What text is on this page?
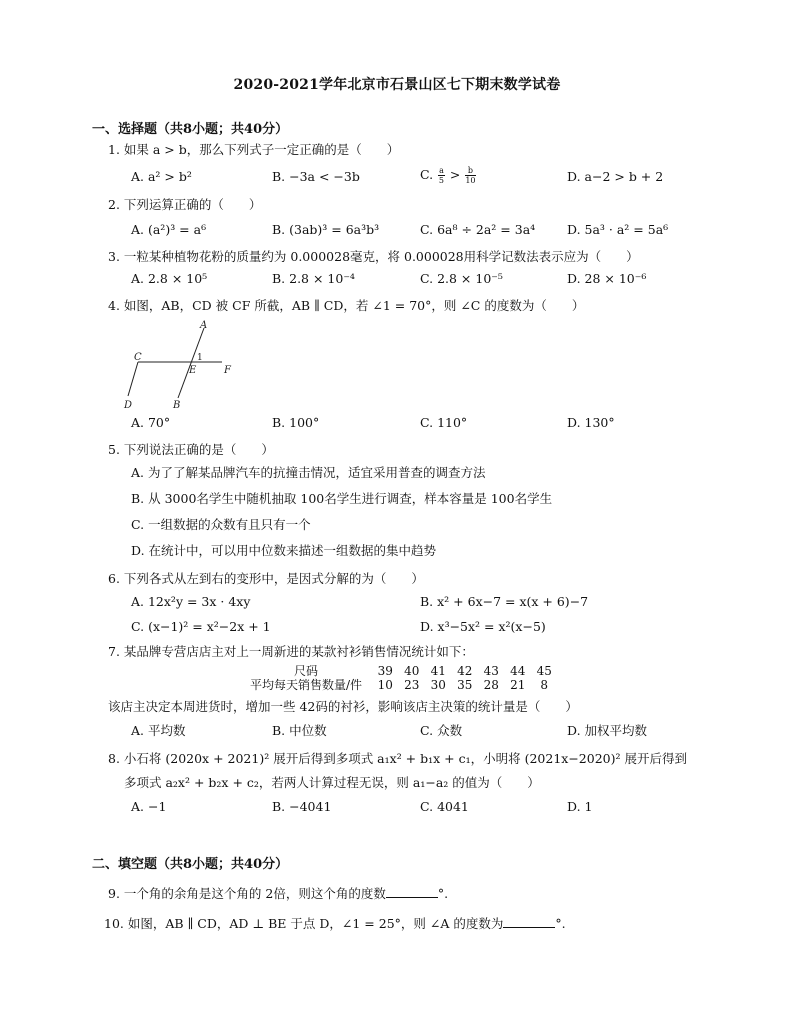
2020-2021学年北京市石景山区七下期末数学试卷
一、选择题（共8小题；共40分）
1. 如果 a > b，那么下列式子一定正确的是（　　）
A. a² > b²	B. −3a < −3b	C. $\frac{a}{5} > \frac{b}{10}$	D. a−2 > b + 2
2. 下列运算正确的（　　）
A. (a²)³ = a⁶	B. (3ab)³ = 6a³b³	C. 6a⁸ ÷ 2a² = 3a⁴	D. 5a³ · a² = 5a⁶
3. 一粒某种植物花粉的质量约为 0.000028毫克，将 0.000028用科学记数法表示应为（　　）
A. 2.8 × 10⁵	B. 2.8 × 10⁻⁴	C. 2.8 × 10⁻⁵	D. 28 × 10⁻⁶
4. 如图，AB，CD 被 CF 所截，AB ∥ CD，若 ∠1 = 70°，则 ∠C 的度数为（　　）
A
C	1
E	F
D	B
A. 70°	B. 100°	C. 110°	D. 130°
5. 下列说法正确的是（　　）
A. 为了了解某品牌汽车的抗撞击情况，适宜采用普查的调查方法
B. 从 3000名学生中随机抽取 100名学生进行调查，样本容量是 100名学生
C. 一组数据的众数有且只有一个
D. 在统计中，可以用中位数来描述一组数据的集中趋势
6. 下列各式从左到右的变形中，是因式分解的为（　　）
A. 12x²y = 3x · 4xy	B. x² + 6x−7 = x(x + 6)−7
C. (x−1)² = x²−2x + 1	D. x³−5x² = x²(x−5)
7. 某品牌专营店店主对上一周新进的某款衬衫销售情况统计如下：
尺码	39 40 41 42 43 44 45
平均每天销售数量/件 10 23 30 35 28 21 8
该店主决定本周进货时，增加一些 42码的衬衫，影响该店主决策的统计量是（　　）
A. 平均数	B. 中位数	C. 众数	D. 加权平均数
8. 小石将 (2020x + 2021)² 展开后得到多项式 a₁x² + b₁x + c₁，小明将 (2021x−2020)² 展开后得到
多项式 a₂x² + b₂x + c₂，若两人计算过程无误，则 a₁−a₂ 的值为（　　）
A. −1	B. −4041	C. 4041	D. 1
二、填空题（共8小题；共40分）
9. 一个角的余角是这个角的 2倍，则这个角的度数	°.
10. 如图，AB ∥ CD，AD ⊥ BE 于点 D，∠1 = 25°，则 ∠A 的度数为	°.
